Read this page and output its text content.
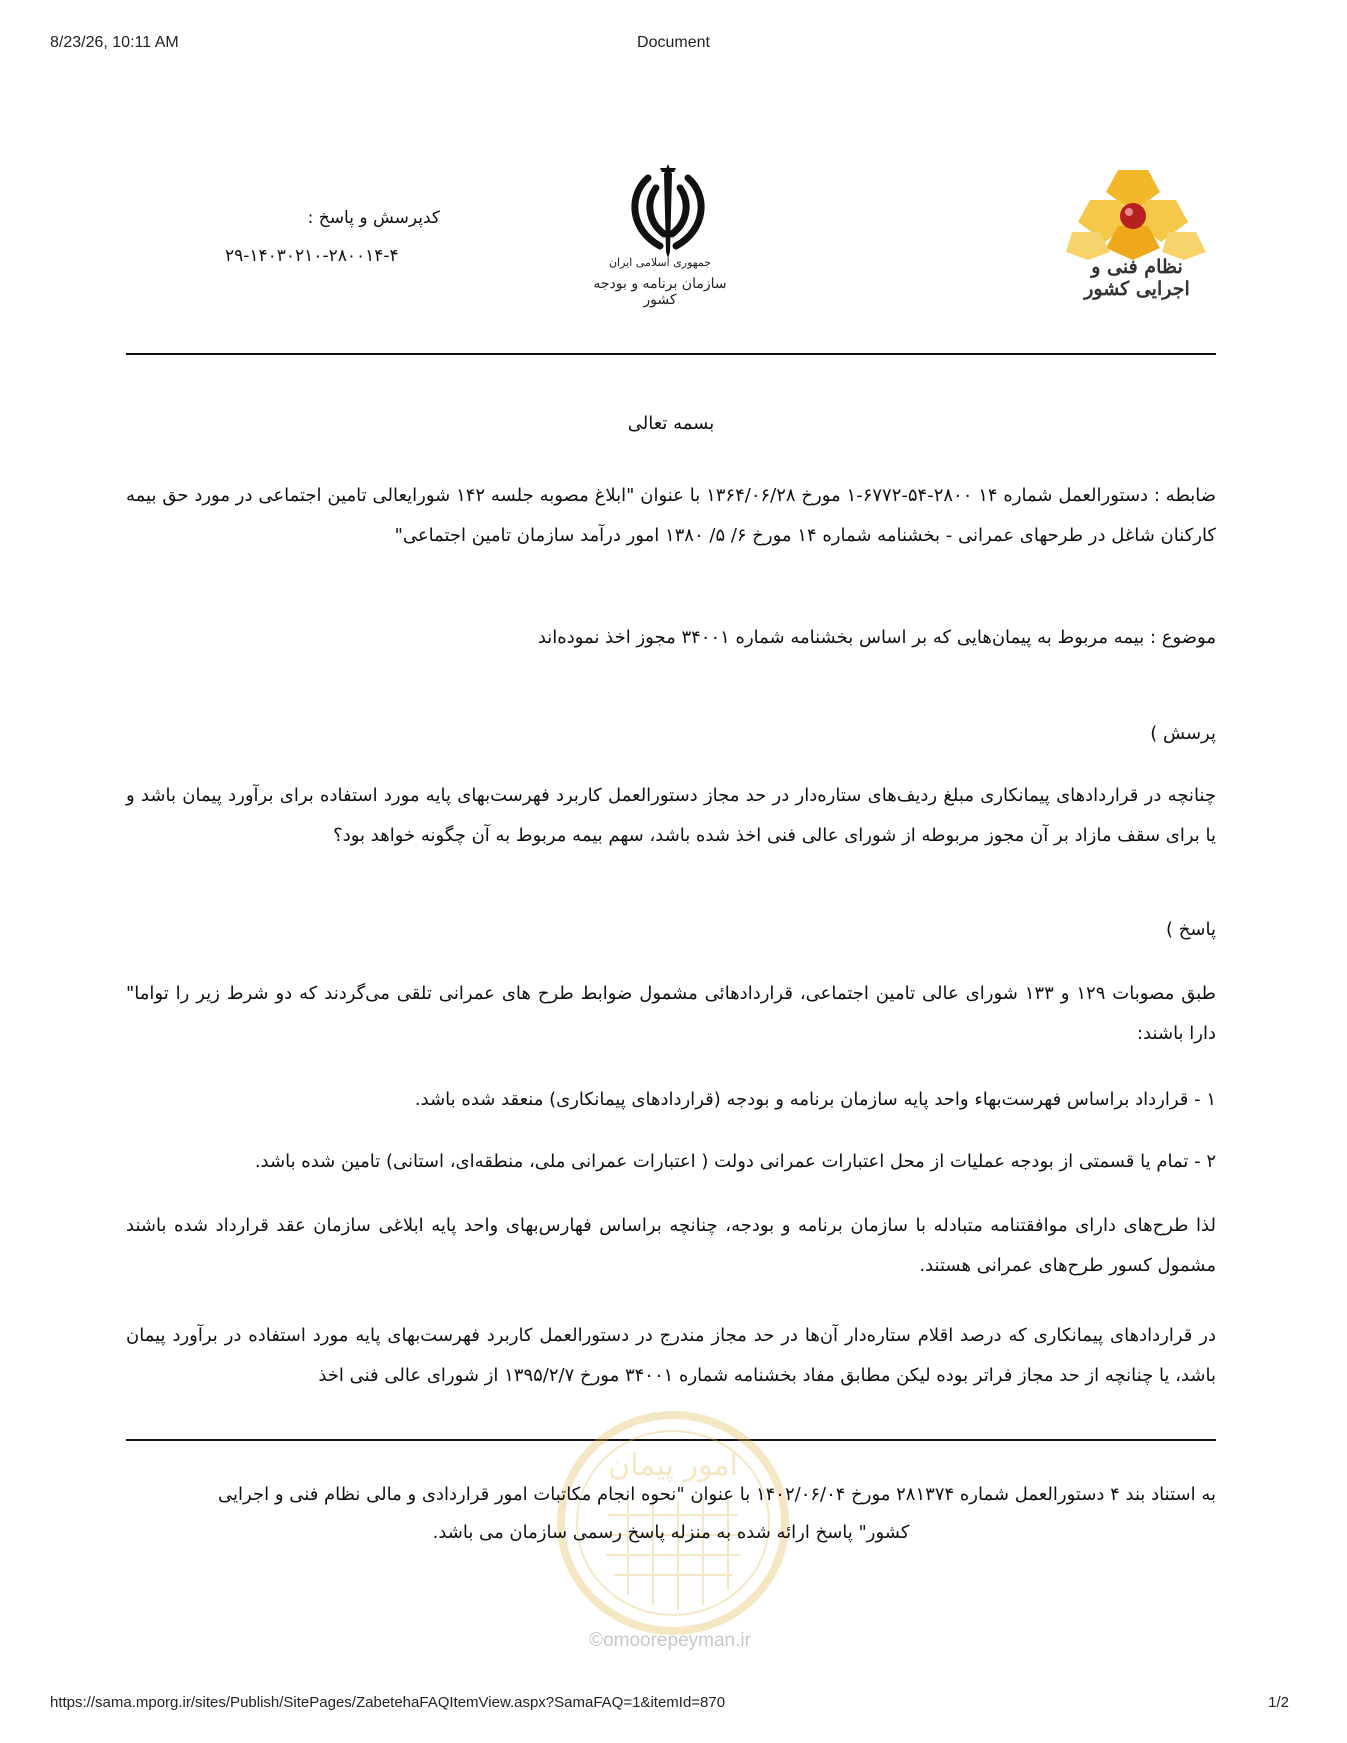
8/23/26, 10:11 AM	Document
نظام فنی و اجرایی کشور
جمهوری اسلامی ایران
سازمان برنامه و بودجه کشور
کدپرسش و پاسخ :
۲۹-۱۴۰۳۰۲۱۰-۲۸۰۰۱۴-۴
بسمه تعالی
ضابطه : دستورالعمل شماره ۱۴ ۲۸۰۰-۵۴-۶۷۷۲-۱ مورخ ۱۳۶۴/۰۶/۲۸ با عنوان "ابلاغ مصوبه جلسه ۱۴۲ شورایعالی تامین اجتماعی در مورد حق بیمه کارکنان شاغل در طرحهای عمرانی - بخشنامه شماره ۱۴ مورخ ۶/ ۵/ ۱۳۸۰ امور درآمد سازمان تامین اجتماعی"
موضوع : بیمه مربوط به پیمان‌هایی که بر اساس بخشنامه شماره ۳۴۰۰۱ مجوز اخذ نموده‌اند
پرسش )
چنانچه در قراردادهای پیمانکاری مبلغ ردیف‌های ستاره‌دار در حد مجاز دستورالعمل کاربرد فهرست‌بهای پایه مورد استفاده برای برآورد پیمان باشد و یا برای سقف مازاد بر آن مجوز مربوطه از شورای عالی فنی اخذ شده باشد، سهم بیمه مربوط به آن چگونه خواهد بود؟
پاسخ )
طبق مصوبات ۱۲۹ و ۱۳۳ شورای عالی تامین اجتماعی، قراردادهائی مشمول ضوابط طرح های عمرانی تلقی می‌گردند که دو شرط زیر را تواما" دارا باشند:
۱ - قرارداد براساس فهرست‌بهاء واحد پایه سازمان برنامه و بودجه (قراردادهای پیمانکاری) منعقد شده باشد.
۲ - تمام یا قسمتی از بودجه عملیات از محل اعتبارات عمرانی دولت ( اعتبارات عمرانی ملی، منطقه‌ای، استانی) تامین شده باشد.
لذا طرح‌های دارای موافقتنامه متبادله با سازمان برنامه و بودجه، چنانچه براساس فهارس‌بهای واحد پایه ابلاغی سازمان عقد قرارداد شده باشند مشمول کسور طرح‌های عمرانی هستند.
در قراردادهای پیمانکاری که درصد اقلام ستاره‌دار آن‌ها در حد مجاز مندرج در دستورالعمل کاربرد فهرست‌بهای پایه مورد استفاده در برآورد پیمان باشد، یا چنانچه از حد مجاز فراتر بوده لیکن مطابق مفاد بخشنامه شماره ۳۴۰۰۱ مورخ ۱۳۹۵/۲/۷ از شورای عالی فنی اخذ
امور پیمان
به استناد بند ۴ دستورالعمل شماره ۲۸۱۳۷۴ مورخ ۱۴۰۲/۰۶/۰۴ با عنوان "نحوه انجام مکاتبات امور قراردادی و مالی نظام فنی و اجرایی
کشور" پاسخ ارائه شده به منزله پاسخ رسمی سازمان می باشد.
©omoorepeyman.ir
https://sama.mporg.ir/sites/Publish/SitePages/ZabetehaFAQItemView.aspx?SamaFAQ=1&itemId=870	1/2
